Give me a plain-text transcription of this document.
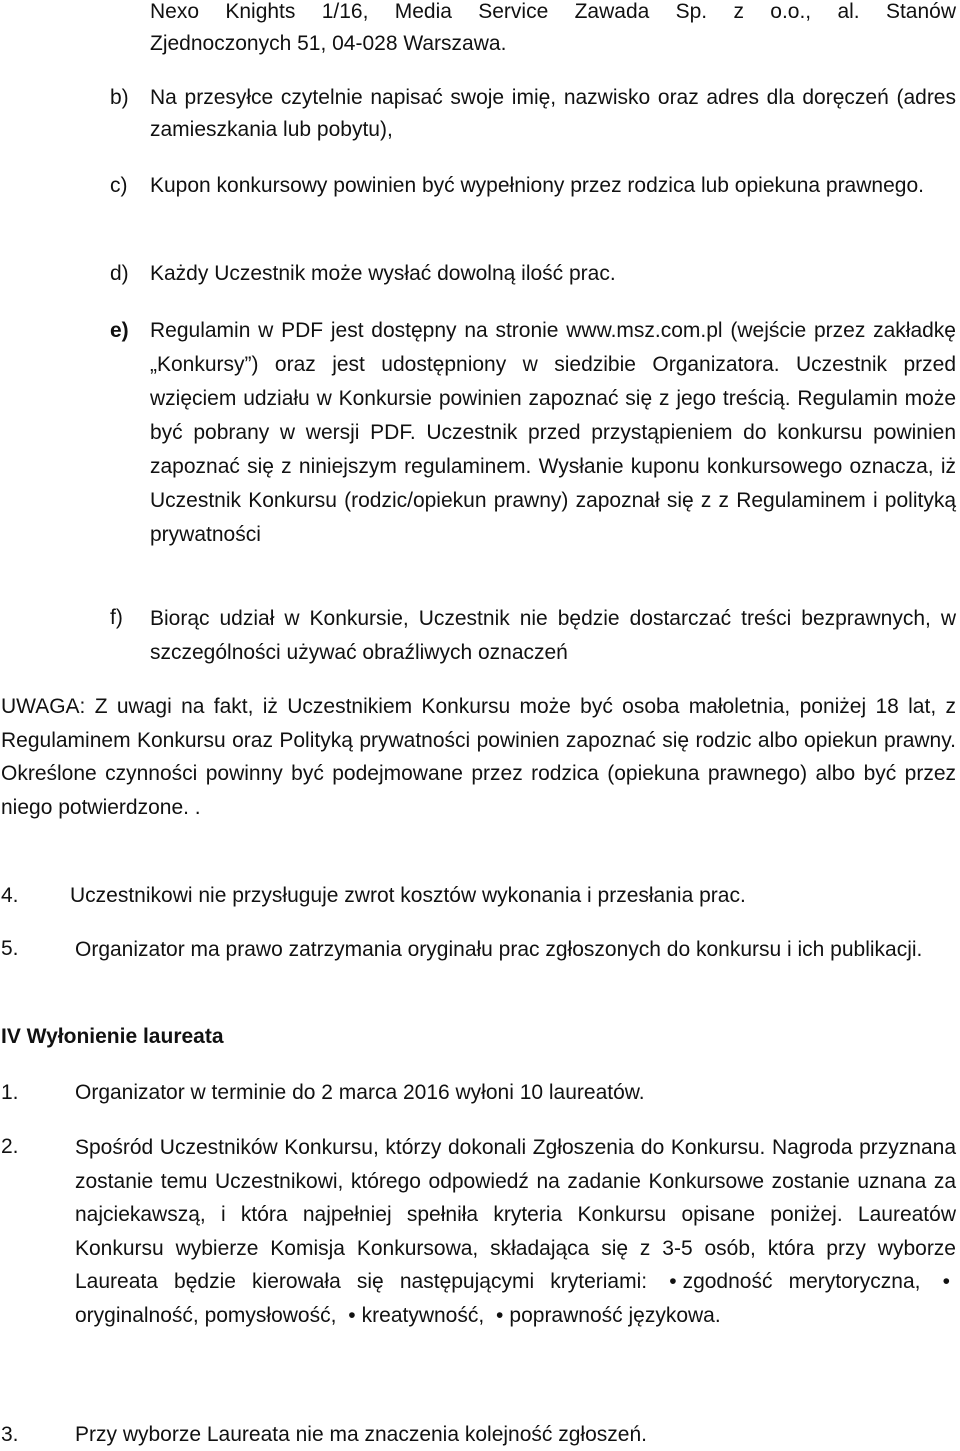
Nexo Knights 1/16, Media Service Zawada Sp. z o.o., al. Stanów
Zjednoczonych 51, 04-028 Warszawa.
b) Na przesyłce czytelnie napisać swoje imię, nazwisko oraz adres dla doręczeń (adres zamieszkania lub pobytu),
c) Kupon konkursowy powinien być wypełniony przez rodzica lub opiekuna prawnego.
d) Każdy Uczestnik może wysłać dowolną ilość prac.
e) Regulamin w PDF jest dostępny na stronie www.msz.com.pl (wejście przez zakładkę „Konkursy”) oraz jest udostępniony w siedzibie Organizatora. Uczestnik przed wzięciem udziału w Konkursie powinien zapoznać się z jego treścią. Regulamin może być pobrany w wersji PDF. Uczestnik przed przystąpieniem do konkursu powinien zapoznać się z niniejszym regulaminem. Wysłanie kuponu konkursowego oznacza, iż Uczestnik Konkursu (rodzic/opiekun prawny) zapoznał się z z Regulaminem i polityką prywatności
f) Biorąc udział w Konkursie, Uczestnik nie będzie dostarczać treści bezprawnych, w szczególności używać obraźliwych oznaczeń
UWAGA: Z uwagi na fakt, iż Uczestnikiem Konkursu może być osoba małoletnia, poniżej 18 lat, z Regulaminem Konkursu oraz Polityką prywatności powinien zapoznać się rodzic albo opiekun prawny. Określone czynności powinny być podejmowane przez rodzica (opiekuna prawnego) albo być przez niego potwierdzone. .
4. Uczestnikowi nie przysługuje zwrot kosztów wykonania i przesłania prac.
5.	Organizator ma prawo zatrzymania oryginału prac zgłoszonych do konkursu i ich publikacji.
IV Wyłonienie laureata
1.	Organizator w terminie do 2 marca 2016 wyłoni 10 laureatów.
2.	Spośród Uczestników Konkursu, którzy dokonali Zgłoszenia do Konkursu. Nagroda przyznana zostanie temu Uczestnikowi, którego odpowiedź na zadanie Konkursowe zostanie uznana za najciekawszą, i która najpełniej spełniła kryteria Konkursu opisane poniżej. Laureatów Konkursu wybierze Komisja Konkursowa, składająca się z 3-5 osób, która przy wyborze Laureata będzie kierowała się następującymi kryteriami: • zgodność merytoryczna, •oryginalność, pomysłowość, • kreatywność, • poprawność językowa.
3.	Przy wyborze Laureata nie ma znaczenia kolejność zgłoszeń.
